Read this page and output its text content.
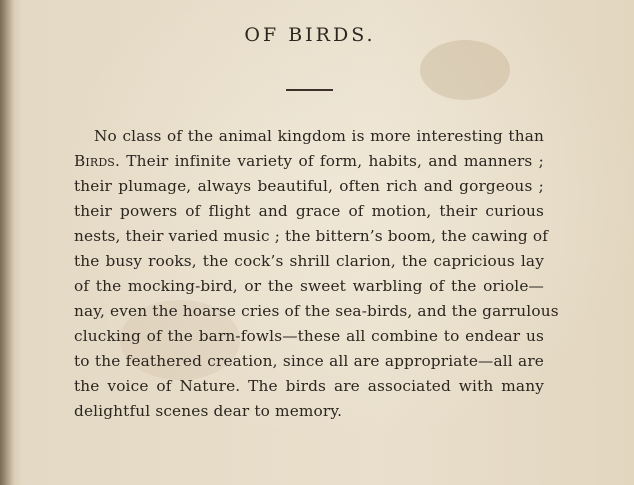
OF BIRDS.
No class of the animal kingdom is more interesting than
Birds. Their infinite variety of form, habits, and manners ;
their plumage, always beautiful, often rich and gorgeous ;
their powers of flight and grace of motion, their curious
nests, their varied music ; the bittern’s boom, the cawing of
the busy rooks, the cock’s shrill clarion, the capricious lay
of the mocking-bird, or the sweet warbling of the oriole—
nay, even the hoarse cries of the sea-birds, and the garrulous
clucking of the barn-fowls—these all combine to endear us
to the feathered creation, since all are appropriate—all are
the voice of Nature. The birds are associated with many
delightful scenes dear to memory.
